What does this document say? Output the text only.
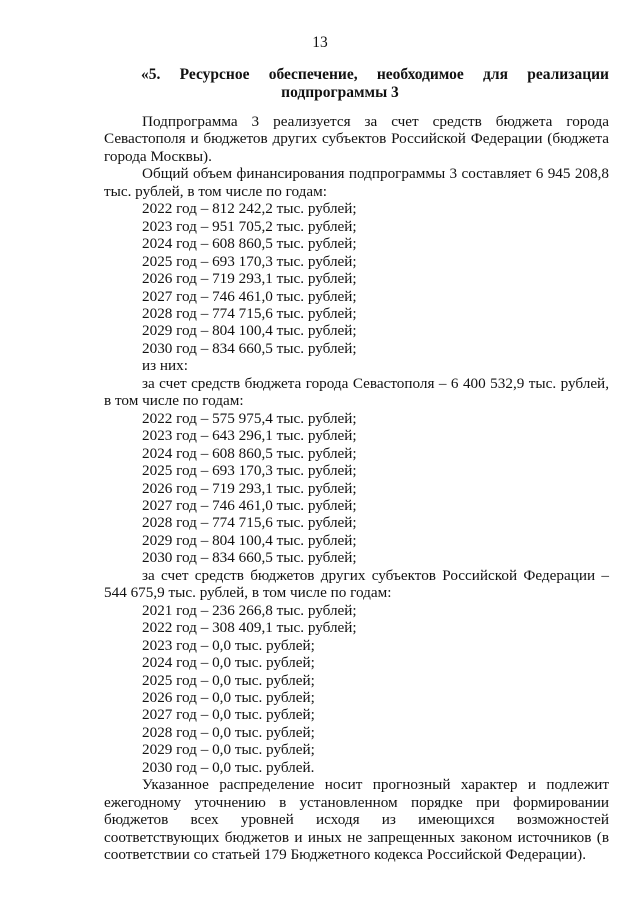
13
«5. Ресурсное обеспечение, необходимое для реализации
подпрограммы 3

Подпрограмма 3 реализуется за счет средств бюджета города Севастополя и бюджетов других субъектов Российской Федерации (бюджета города Москвы).

Общий объем финансирования подпрограммы 3 составляет 6 945 208,8 тыс. рублей, в том числе по годам:

2022 год – 812 242,2 тыс. рублей;

2023 год – 951 705,2 тыс. рублей;

2024 год – 608 860,5 тыс. рублей;

2025 год – 693 170,3 тыс. рублей;

2026 год – 719 293,1 тыс. рублей;

2027 год – 746 461,0 тыс. рублей;

2028 год – 774 715,6 тыс. рублей;

2029 год – 804 100,4 тыс. рублей;

2030 год – 834 660,5 тыс. рублей;

из них:

за счет средств бюджета города Севастополя – 6 400 532,9 тыс. рублей, в том числе по годам:

2022 год – 575 975,4 тыс. рублей;

2023 год – 643 296,1 тыс. рублей;

2024 год – 608 860,5 тыс. рублей;

2025 год – 693 170,3 тыс. рублей;

2026 год – 719 293,1 тыс. рублей;

2027 год – 746 461,0 тыс. рублей;

2028 год – 774 715,6 тыс. рублей;

2029 год – 804 100,4 тыс. рублей;

2030 год – 834 660,5 тыс. рублей;

за счет средств бюджетов других субъектов Российской Федерации – 544 675,9 тыс. рублей, в том числе по годам:

2021 год – 236 266,8 тыс. рублей;

2022 год – 308 409,1 тыс. рублей;

2023 год – 0,0 тыс. рублей;

2024 год – 0,0 тыс. рублей;

2025 год – 0,0 тыс. рублей;

2026 год – 0,0 тыс. рублей;

2027 год – 0,0 тыс. рублей;

2028 год – 0,0 тыс. рублей;

2029 год – 0,0 тыс. рублей;

2030 год – 0,0 тыс. рублей.

Указанное распределение носит прогнозный характер и подлежит ежегодному уточнению в установленном порядке при формировании бюджетов всех уровней исходя из имеющихся возможностей соответствующих бюджетов и иных не запрещенных законом источников (в соответствии со статьей 179 Бюджетного кодекса Российской Федерации).
